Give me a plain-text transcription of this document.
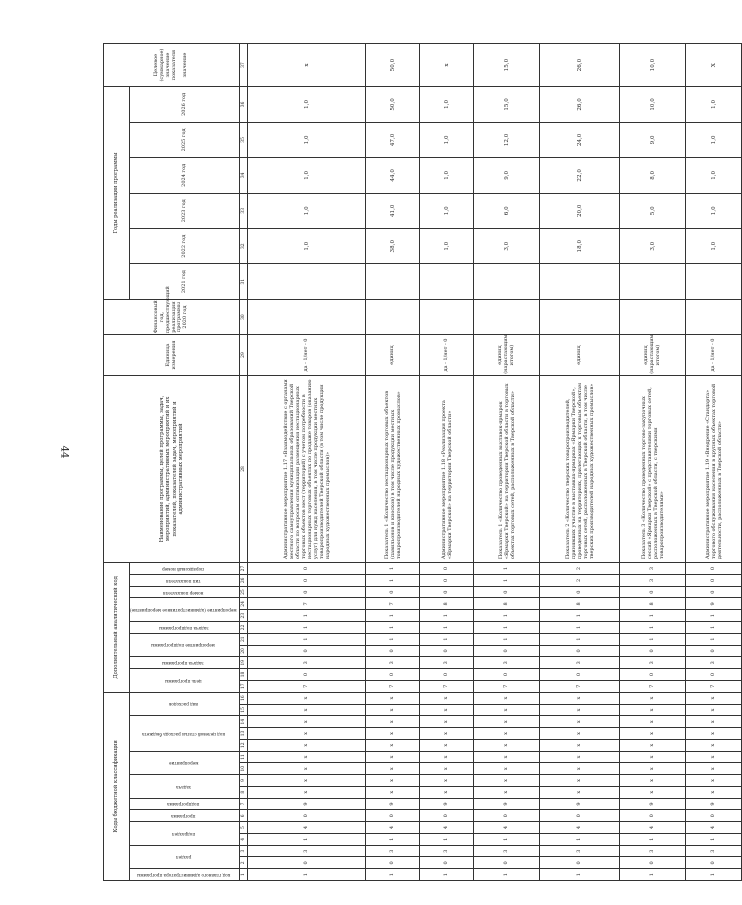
44
Коды бюджетной классификации																Дополнительный аналитический код											Наименование программы, целей программы, задач, мероприятий, административных мероприятий и их показателей, показателей задач, мероприятий и административных мероприятий	Единица измерения	Финансовый год, предшествующий реализации программы 2020 год	Годы реализации программы						Целевое (суммарное) значение показателя значение
код главного администратора программы	раздел		подраздел		программа	подпрограмма	задача		мероприятие		код целевой статьи расхода бюджета			вид расходов		цель программы		задача программы	мероприятие подпрограммы		задача подпрограммы	мероприятие (административное мероприятие)		номер показателя	тип показателя	порядковый номер				2021 год	2022 год	2023 год	2024 год	2025 год	2026 год	
1	2	3	4	5	6	7	8	9	10	11	12	13	14	15	16	17	18	19	20	21	22	23	24	25	26	27	28	29	30	31	32	33	34	35	36	37
1	0	3	1	4	0	9	x	x	x	x	x	x	x	x	x	7	0	3	0	1	1	1	7	0	0	0	Административное мероприятие 1.17 «Взаимодействие с органами местного самоуправления муниципальных образований Тверской области по вопросам оптимизации размещения нестационарных торговых объектов мест (территорий) с учетом потребности в нестационарных торговых объектах по продаже товаров (оказанию услуг) для нужд населения, в том числе продукции местных товаропроизводителей Тверской области (в том числе продукции народных художественных промыслов)»	да - 1/нет - 0			1,0	1,0	1,0	1,0	1,0	х
1	0	3	1	4	0	9	x	x	x	x	x	x	x	x	x	7	0	3	0	1	1	1	7	0	1	1	Показатель 1 «Количество нестационарных торговых объектов (павильонов и киосков) в том числе продукции местных товаропроизводителей народных художественных промыслов»	единиц			38,0	41,0	44,0	47,0	50,0	50,0
1	0	3	1	4	0	9	x	x	x	x	x	x	x	x	x	7	0	3	0	1	1	1	8	0	0	0	Административное мероприятие 1.18 «Реализация проекта «Ярмарки Тверской» на территории Тверской области»	да - 1/нет - 0			1,0	1,0	1,0	1,0	1,0	х
1	0	3	1	4	0	9	x	x	x	x	x	x	x	x	x	7	0	3	0	1	1	1	8	0	1	1	Показатель 1 «Количество проведенных выставок-ярмарок «Ярмарки Тверской» на территории Тверской области в торговых объектах торговых сетей, расположенных в Тверской области»	единиц (нарастающим итогом)			3,0	6,0	9,0	12,0	15,0	15,0
1	0	3	1	4	0	9	x	x	x	x	x	x	x	x	x	7	0	3	0	1	1	1	8	0	2	2	Показатель 2 «Количество тверских товаропроизводителей, принявших участие в выставках-ярмарках «Ярмарки Тверской», проведенных на территориях, прилегающих к торговым объектам торговых сетей, расположенных в Тверской области, в том числе тверских производителей народных художественных промыслов»	единиц			18,0	20,0	22,0	24,0	26,0	26,0
1	0	3	1	4	0	9	x	x	x	x	x	x	x	x	x	7	0	3	0	1	1	1	8	0	3	3	Показатель 3 «Количество проведенных торгово-закупочных сессий «Ярмарки Тверской» с представителями торговых сетей, расположенных в Тверской области, с тверскими товаропроизводителями»	единиц (нарастающим итогом)			3,0	5,0	8,0	9,0	10,0	10,0
1	0	3	1	4	0	9	x	x	x	x	x	x	x	x	x	7	0	3	0	1	1	1	9	0	0	0	Административное мероприятие 1.19 «Внедрение «Стандарта» торгового обслуживания населения в крупных объектах торговой деятельности, расположенных в Тверской области»	да - 1/нет - 0			1,0	1,0	1,0	1,0	1,0	Х
